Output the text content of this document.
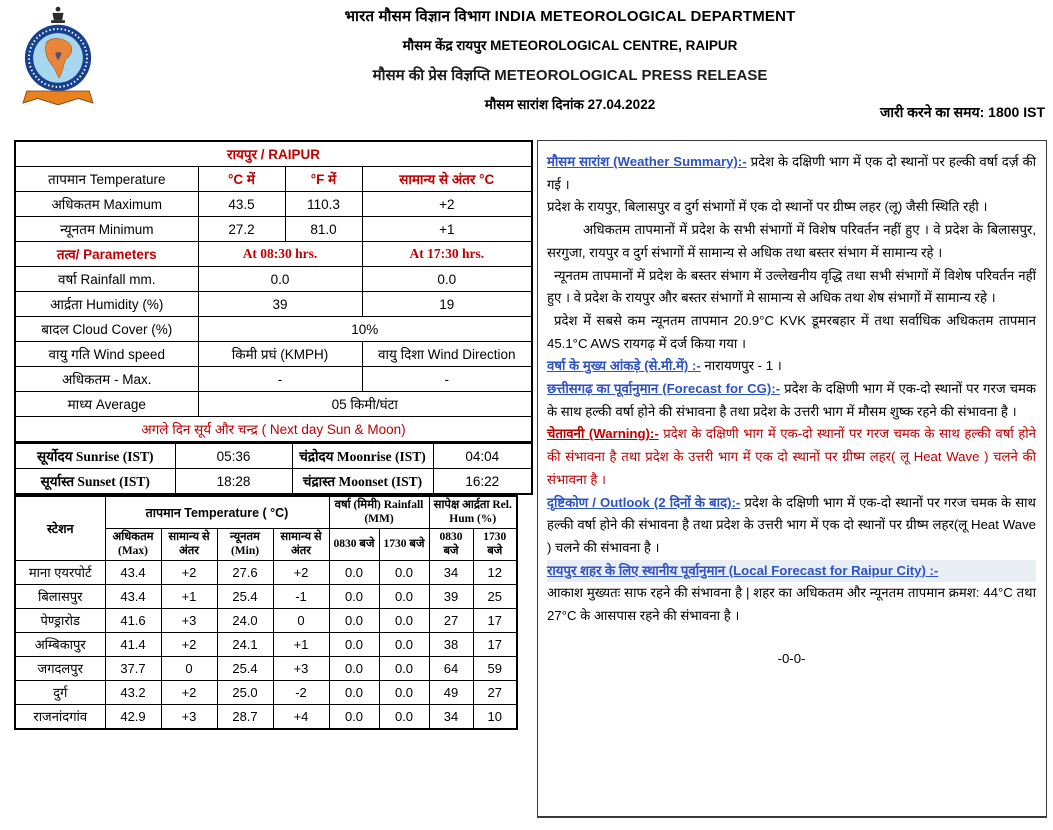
भारत मौसम विज्ञान विभाग INDIA METEOROLOGICAL DEPARTMENT
मौसम केंद्र रायपुर METEOROLOGICAL CENTRE, RAIPUR
मौसम की प्रेस विज्ञप्ति METEOROLOGICAL PRESS RELEASE
मौसम सारांश दिनांक 27.04.2022	जारी करने का समय: 1800 IST
रायपुर / RAIPUR			
तापमान Temperature	°C में	°F में	सामान्य से अंतर °C
अधिकतम Maximum	43.5	110.3	+2
न्यूनतम Minimum	27.2	81.0	+1
तत्व/ Parameters	At 08:30 hrs.		At 17:30 hrs.
वर्षा Rainfall mm.	0.0		0.0
आर्द्रता Humidity (%)	39		19
बादल Cloud Cover (%)	10%		
वायु गति Wind speed	किमी प्रघं (KMPH)		वायु दिशा Wind Direction
अधिकतम - Max.	-		-
माध्य Average	05 किमी/घंटा		
अगले दिन सूर्य और चन्द्र ( Next day Sun & Moon)			
सूर्योदय Sunrise (IST)	05:36	चंद्रोदय Moonrise (IST)	04:04
सूर्यास्त Sunset (IST)	18:28	चंद्रास्त Moonset (IST)	16:22
स्टेशन	तापमान Temperature ( °C)				वर्षा (मिमी) Rainfall (MM)		सापेक्ष आर्द्रता Rel. Hum (%)	
	अधिकतम (Max)	सामान्य से अंतर	न्यूनतम (Min)	सामान्य से अंतर	0830 बजे	1730 बजे	0830 बजे	1730 बजे
माना एयरपोर्ट	43.4	+2	27.6	+2	0.0	0.0	34	12
बिलासपुर	43.4	+1	25.4	-1	0.0	0.0	39	25
पेण्ड्रारोड	41.6	+3	24.0	0	0.0	0.0	27	17
अम्बिकापुर	41.4	+2	24.1	+1	0.0	0.0	38	17
जगदलपुर	37.7	0	25.4	+3	0.0	0.0	64	59
दुर्ग	43.2	+2	25.0	-2	0.0	0.0	49	27
राजनांदगांव	42.9	+3	28.7	+4	0.0	0.0	34	10

मौसम सारांश (Weather Summary):- प्रदेश के दक्षिणी भाग में एक दो स्थानों पर हल्की वर्षा दर्ज़ की गई ।

प्रदेश के रायपुर, बिलासपुर व दुर्ग संभागों में एक दो स्थानों पर ग्रीष्म लहर (लू) जैसी स्थिति रही ।

अधिकतम तापमानों में प्रदेश के सभी संभागों में विशेष परिवर्तन नहीं हुए । वे प्रदेश के बिलासपुर, सरगुजा, रायपुर व दुर्ग संभागों में सामान्य से अधिक तथा बस्तर संभाग में सामान्य रहे ।

न्यूनतम तापमानों में प्रदेश के बस्तर संभाग में उल्लेखनीय वृद्धि तथा सभी संभागों में विशेष परिवर्तन नहीं हुए । वे प्रदेश के रायपुर और बस्तर संभागों मे सामान्य से अधिक तथा शेष संभागों में सामान्य रहे ।

प्रदेश में सबसे कम न्यूनतम तापमान 20.9°C KVK डूमरबहार में तथा सर्वाधिक अधिकतम तापमान 45.1°C AWS रायगढ़ में दर्ज किया गया ।

वर्षा के मुख्य आंकड़े (से.मी.में) :- नारायणपुर - 1 ।

छत्तीसगढ़ का पूर्वानुमान (Forecast for CG):- प्रदेश के दक्षिणी भाग में एक-दो स्थानों पर गरज चमक के साथ हल्की वर्षा होने की संभावना है तथा प्रदेश के उत्तरी भाग में मौसम शुष्क रहने की संभावना है ।

चेतावनी (Warning):- प्रदेश के दक्षिणी भाग में एक-दो स्थानों पर गरज चमक के साथ हल्की वर्षा होने की संभावना है तथा प्रदेश के उत्तरी भाग में एक दो स्थानों पर ग्रीष्म लहर( लू Heat Wave ) चलने की संभावना है ।

दृष्टिकोण / Outlook (2 दिनों के बाद):- प्रदेश के दक्षिणी भाग में एक-दो स्थानों पर गरज चमक के साथ हल्की वर्षा होने की संभावना है तथा प्रदेश के उत्तरी भाग में एक दो स्थानों पर ग्रीष्म लहर(लू Heat Wave ) चलने की संभावना है ।

रायपुर शहर के लिए स्थानीय पूर्वानुमान (Local Forecast for Raipur City) :-

आकाश मुख्यतः साफ रहने की संभावना है | शहर का अधिकतम और न्यूनतम तापमान क्रमश: 44°C तथा 27°C के आसपास रहने की संभावना है ।

-0-0-
